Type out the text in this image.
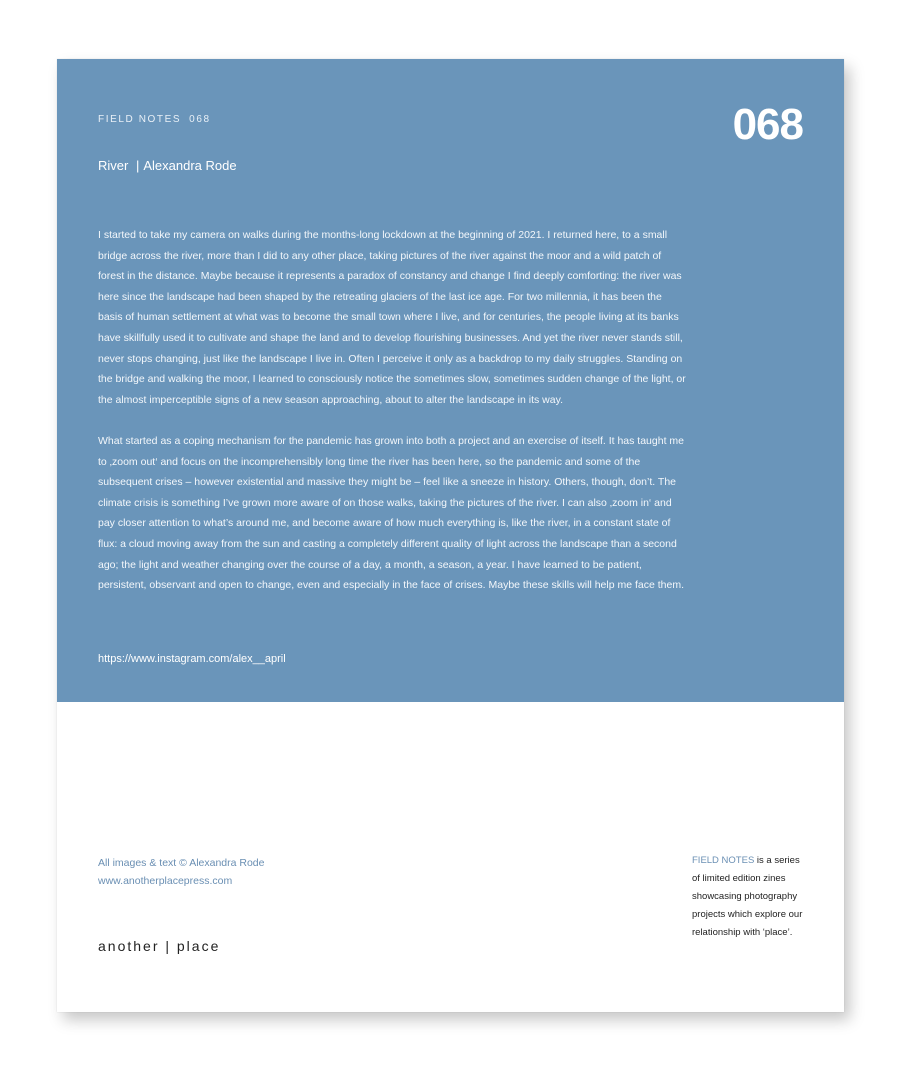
FIELD NOTES 068	068
River | Alexandra Rode

I started to take my camera on walks during the months-long lockdown at the beginning of 2021. I returned here, to a small bridge across the river, more than I did to any other place, taking pictures of the river against the moor and a wild patch of forest in the distance. Maybe because it represents a paradox of constancy and change I find deeply comforting: the river was here since the landscape had been shaped by the retreating glaciers of the last ice age. For two millennia, it has been the basis of human settlement at what was to become the small town where I live, and for centuries, the people living at its banks have skillfully used it to cultivate and shape the land and to develop flourishing businesses. And yet the river never stands still, never stops changing, just like the landscape I live in. Often I perceive it only as a backdrop to my daily struggles. Standing on the bridge and walking the moor, I learned to consciously notice the sometimes slow, sometimes sudden change of the light, or the almost imperceptible signs of a new season approaching, about to alter the landscape in its way.

What started as a coping mechanism for the pandemic has grown into both a project and an exercise of itself. It has taught me to ‚zoom out‘ and focus on the incomprehensibly long time the river has been here, so the pandemic and some of the subsequent crises – however existential and massive they might be – feel like a sneeze in history. Others, though, don’t. The climate crisis is something I’ve grown more aware of on those walks, taking the pictures of the river. I can also ‚zoom in‘ and pay closer attention to what’s around me, and become aware of how much everything is, like the river, in a constant state of flux: a cloud moving away from the sun and casting a completely different quality of light across the landscape than a second ago; the light and weather changing over the course of a day, a month, a season, a year. I have learned to be patient, persistent, observant and open to change, even and especially in the face of crises. Maybe these skills will help me face them.

https://www.instagram.com/alex__april
All images & text © Alexandra Rode
www.anotherplacepress.com
another | place
FIELD NOTES is a series
of limited edition zines
showcasing photography
projects which explore our
relationship with ‘place’.
